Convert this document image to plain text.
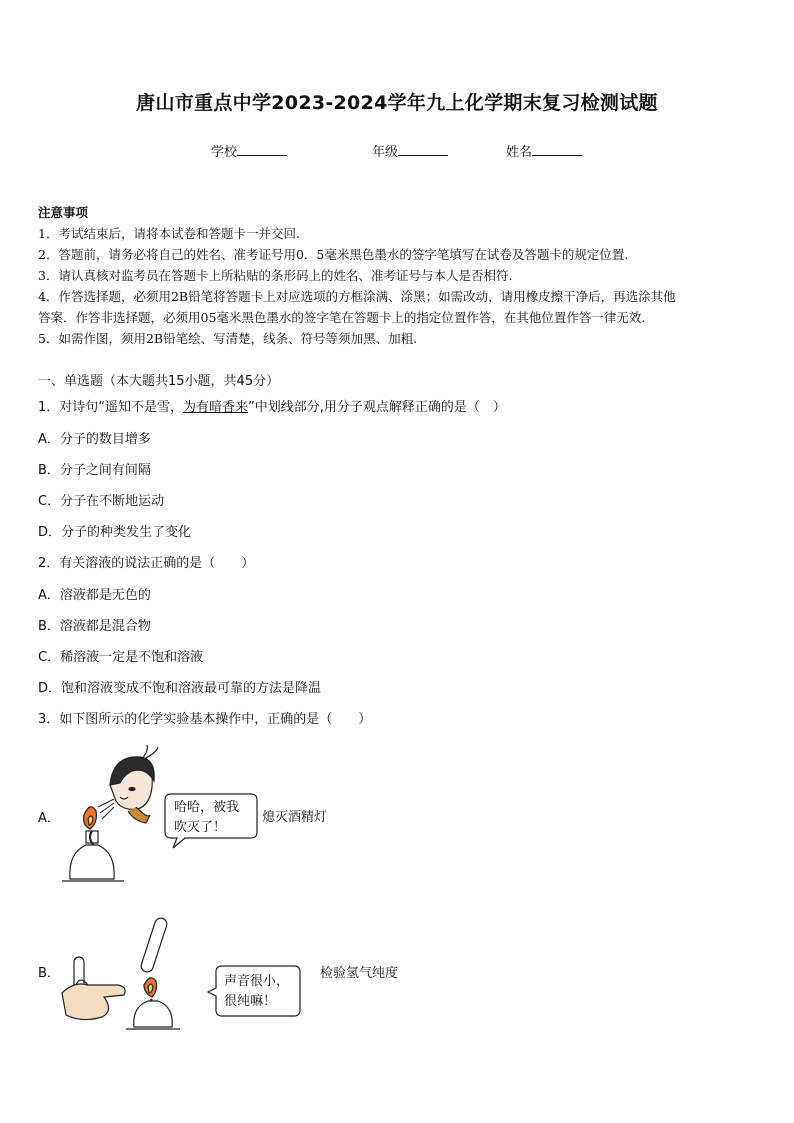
唐山市重点中学2023-2024学年九上化学期末复习检测试题
学校	年级	姓名
注意事项
1．考试结束后，请将本试卷和答题卡一并交回.
2．答题前，请务必将自己的姓名、准考证号用0．5毫米黑色墨水的签字笔填写在试卷及答题卡的规定位置.
3．请认真核对监考员在答题卡上所粘贴的条形码上的姓名、准考证号与本人是否相符.
4．作答选择题，必须用2B铅笔将答题卡上对应选项的方框涂满、涂黑；如需改动，请用橡皮擦干净后，再选涂其他
答案．作答非选择题，必须用05毫米黑色墨水的签字笔在答题卡上的指定位置作答，在其他位置作答一律无效.
5．如需作图，须用2B铅笔绘、写清楚，线条、符号等须加黑、加粗.
一、单选题（本大题共15小题，共45分）
1．对诗句“遥知不是雪，为有暗香来”中划线部分,用分子观点解释正确的是（　）
A．分子的数目增多
B．分子之间有间隔
C．分子在不断地运动
D．分子的种类发生了变化
2．有关溶液的说法正确的是（　　）
A．溶液都是无色的
B．溶液都是混合物
C．稀溶液一定是不饱和溶液
D．饱和溶液变成不饱和溶液最可靠的方法是降温
3．如下图所示的化学实验基本操作中，正确的是（　　）
A．
哈哈，被我
吹灭了！
熄灭酒精灯
B．
声音很小，
很纯嘛！
检验氢气纯度
